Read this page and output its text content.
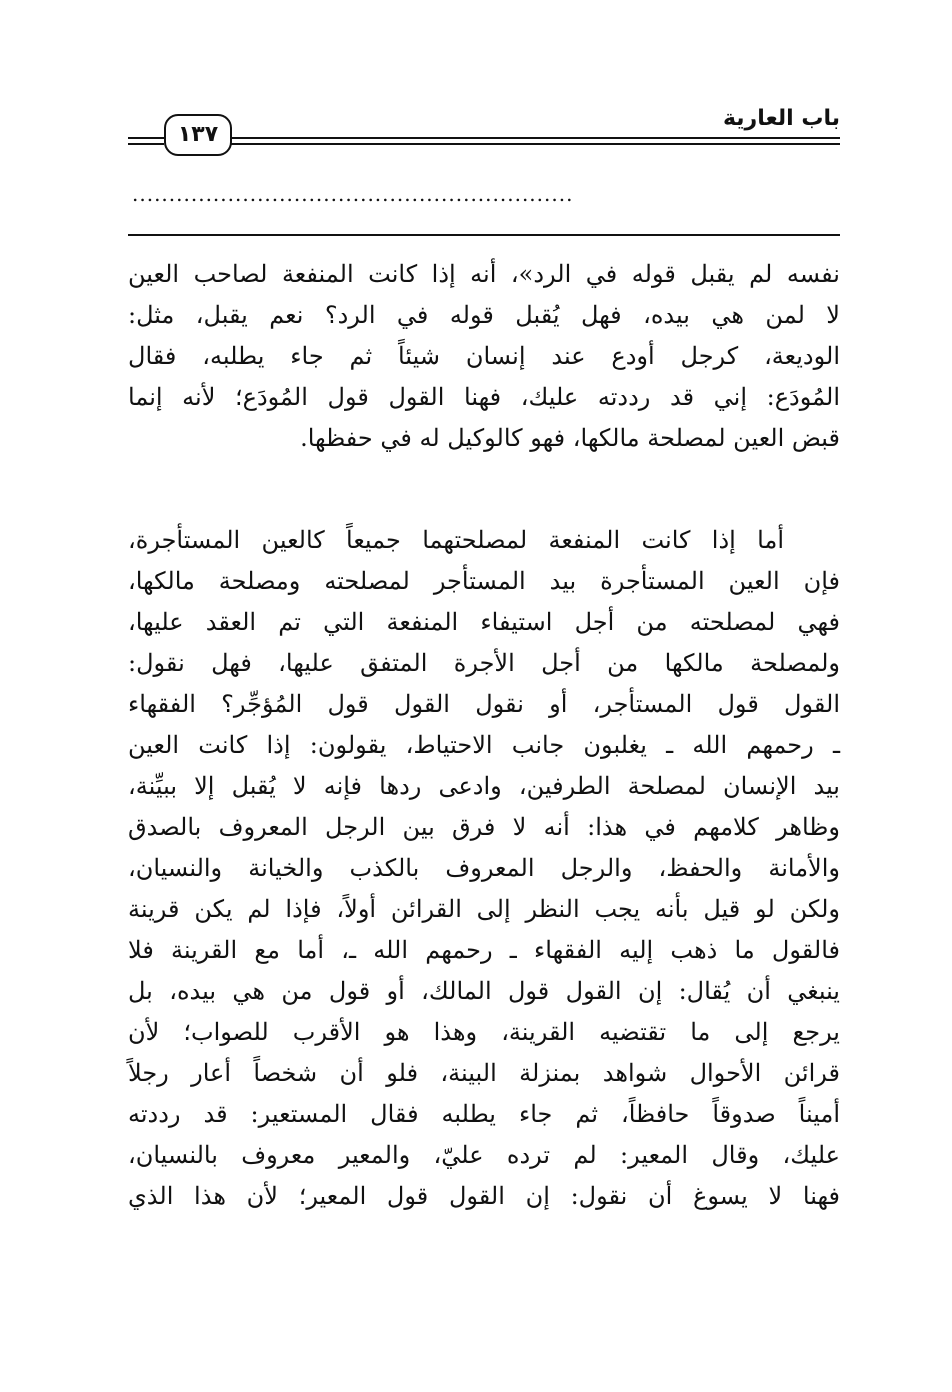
باب العارية
١٣٧
............................................................
نفسه لم يقبل قوله في الرد»، أنه إذا كانت المنفعة لصاحب العين
لا لمن هي بيده، فهل يُقبل قوله في الرد؟ نعم يقبل، مثل:
الوديعة، كرجل أودع عند إنسان شيئاً ثم جاء يطلبه، فقال
المُودَع: إني قد رددته عليك، فهنا القول قول المُودَع؛ لأنه إنما
قبض العين لمصلحة مالكها، فهو كالوكيل له في حفظها.
أما إذا كانت المنفعة لمصلحتهما جميعاً كالعين المستأجرة،
فإن العين المستأجرة بيد المستأجر لمصلحته ومصلحة مالكها،
فهي لمصلحته من أجل استيفاء المنفعة التي تم العقد عليها،
ولمصلحة مالكها من أجل الأجرة المتفق عليها، فهل نقول:
القول قول المستأجر، أو نقول القول قول المُؤجِّر؟ الفقهاء
ـ رحمهم الله ـ يغلبون جانب الاحتياط، يقولون: إذا كانت العين
بيد الإنسان لمصلحة الطرفين، وادعى ردها فإنه لا يُقبل إلا ببيِّنة،
وظاهر كلامهم في هذا: أنه لا فرق بين الرجل المعروف بالصدق
والأمانة والحفظ، والرجل المعروف بالكذب والخيانة والنسيان،
ولكن لو قيل بأنه يجب النظر إلى القرائن أولاً، فإذا لم يكن قرينة
فالقول ما ذهب إليه الفقهاء ـ رحمهم الله ـ، أما مع القرينة فلا
ينبغي أن يُقال: إن القول قول المالك، أو قول من هي بيده، بل
يرجع إلى ما تقتضيه القرينة، وهذا هو الأقرب للصواب؛ لأن
قرائن الأحوال شواهد بمنزلة البينة، فلو أن شخصاً أعار رجلاً
أميناً صدوقاً حافظاً، ثم جاء يطلبه فقال المستعير: قد رددته
عليك، وقال المعير: لم ترده عليّ، والمعير معروف بالنسيان،
فهنا لا يسوغ أن نقول: إن القول قول المعير؛ لأن هذا الذي
